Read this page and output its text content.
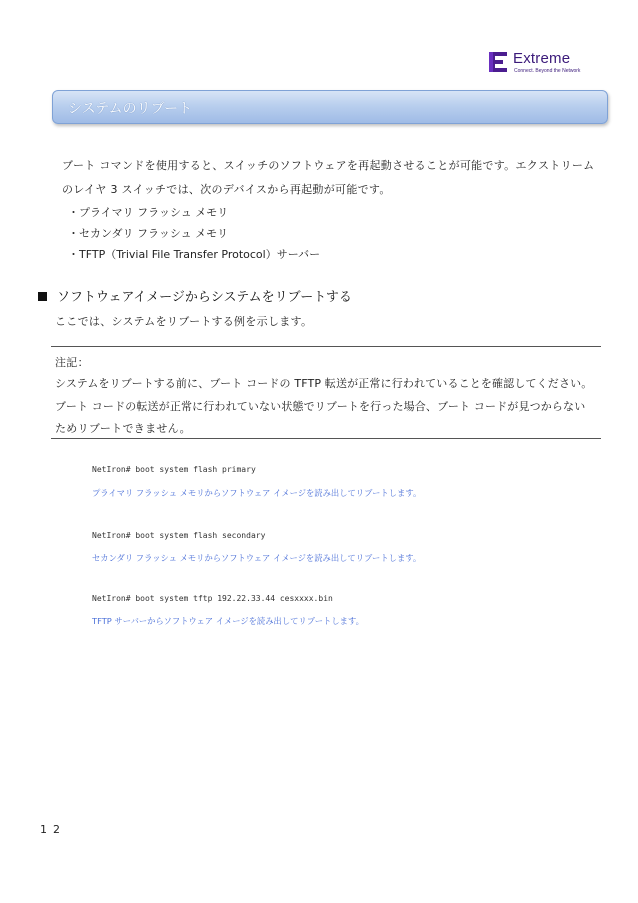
Extreme
Connect. Beyond the Network
システムのリブート
ブート コマンドを使用すると、スイッチのソフトウェアを再起動させることが可能です。エクストリーム
のレイヤ 3 スイッチでは、次のデバイスから再起動が可能です。
・プライマリ フラッシュ メモリ
・セカンダリ フラッシュ メモリ
・TFTP（Trivial File Transfer Protocol）サーバー
ソフトウェアイメージからシステムをリブートする
ここでは、システムをリブートする例を示します。
注記：
システムをリブートする前に、ブート コードの TFTP 転送が正常に行われていることを確認してください。
ブート コードの転送が正常に行われていない状態でリブートを行った場合、ブート コードが見つからない
ためリブートできません。
NetIron# boot system flash primary
プライマリ フラッシュ メモリからソフトウェア イメージを読み出してリブートします。
NetIron# boot system flash secondary
セカンダリ フラッシュ メモリからソフトウェア イメージを読み出してリブートします。
NetIron# boot system tftp 192.22.33.44 cesxxxx.bin
TFTP サーバーからソフトウェア イメージを読み出してリブートします。
12
